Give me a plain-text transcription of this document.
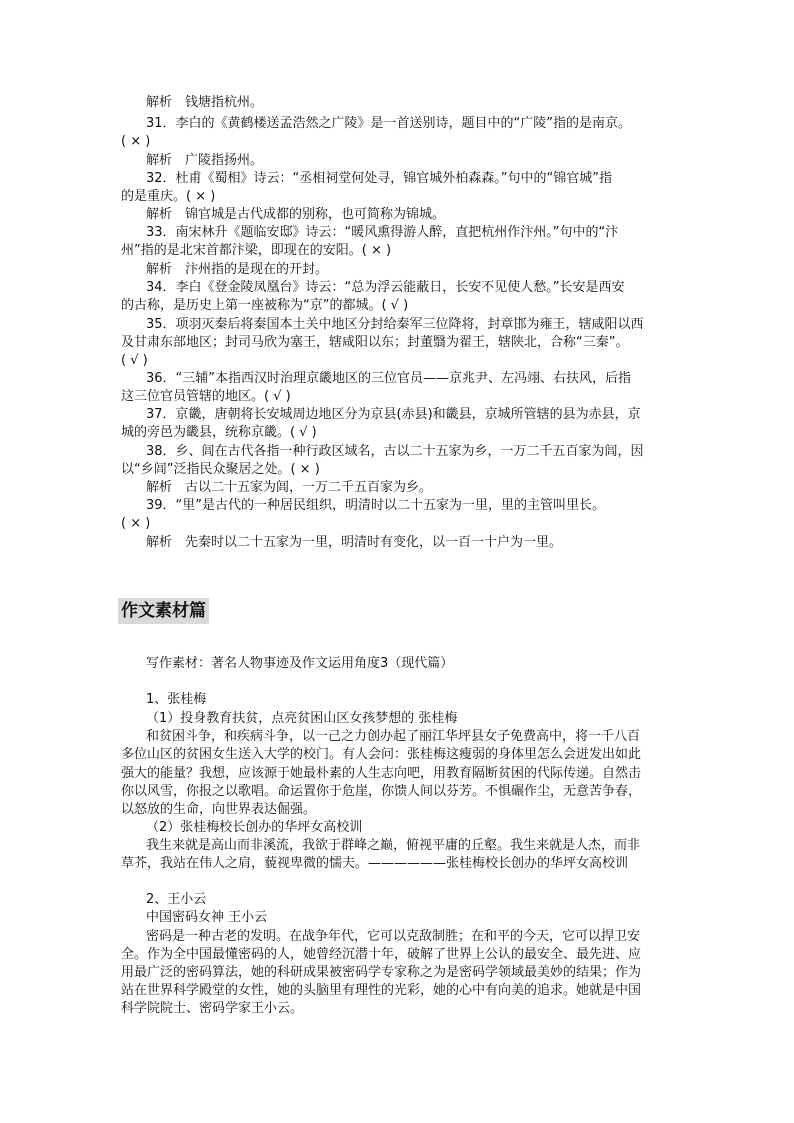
解析　钱塘指杭州。
31．李白的《黄鹤楼送孟浩然之广陵》是一首送别诗，题目中的“广陵”指的是南京。
( × )
解析　广陵指扬州。
32．杜甫《蜀相》诗云：“丞相祠堂何处寻，锦官城外柏森森。”句中的“锦官城”指
的是重庆。( × )
解析　锦官城是古代成都的别称，也可简称为锦城。
33．南宋林升《题临安邸》诗云：“暖风熏得游人醉，直把杭州作汴州。”句中的“汴
州”指的是北宋首都汴梁，即现在的安阳。( × )
解析　汴州指的是现在的开封。
34．李白《登金陵凤凰台》诗云：“总为浮云能蔽日，长安不见使人愁。”长安是西安
的古称，是历史上第一座被称为“京”的都城。( √ )
35．项羽灭秦后将秦国本土关中地区分封给秦军三位降将，封章邯为雍王，辖咸阳以西
及甘肃东部地区；封司马欣为塞王，辖咸阳以东；封董翳为翟王，辖陕北，合称“三秦”。
( √ )
36．“三辅”本指西汉时治理京畿地区的三位官员——京兆尹、左冯翊、右扶风，后指
这三位官员管辖的地区。( √ )
37．京畿，唐朝将长安城周边地区分为京县(赤县)和畿县，京城所管辖的县为赤县，京
城的旁邑为畿县，统称京畿。( √ )
38．乡、闾在古代各指一种行政区域名，古以二十五家为乡，一万二千五百家为闾，因
以“乡闾”泛指民众聚居之处。( × )
解析　古以二十五家为闾，一万二千五百家为乡。
39．“里”是古代的一种居民组织，明清时以二十五家为一里，里的主管叫里长。
( × )
解析　先秦时以二十五家为一里，明清时有变化，以一百一十户为一里。
作文素材篇
写作素材：著名人物事迹及作文运用角度3（现代篇）
1、张桂梅
（1）投身教育扶贫，点亮贫困山区女孩梦想的 张桂梅
和贫困斗争，和疾病斗争，以一己之力创办起了丽江华坪县女子免费高中，将一千八百
多位山区的贫困女生送入大学的校门。有人会问：张桂梅这瘦弱的身体里怎么会迸发出如此
强大的能量？我想，应该源于她最朴素的人生志向吧，用教育隔断贫困的代际传递。自然击
你以风雪，你报之以歌唱。命运置你于危崖，你馈人间以芬芳。不惧碾作尘，无意苦争春，
以怒放的生命，向世界表达倔强。
（2）张桂梅校长创办的华坪女高校训
我生来就是高山而非溪流，我欲于群峰之巅，俯视平庸的丘壑。我生来就是人杰，而非
草芥，我站在伟人之肩，藐视卑微的懦夫。——————张桂梅校长创办的华坪女高校训
2、王小云
中国密码女神 王小云
密码是一种古老的发明。在战争年代，它可以克敌制胜；在和平的今天，它可以捍卫安
全。作为全中国最懂密码的人，她曾经沉潜十年，破解了世界上公认的最安全、最先进、应
用最广泛的密码算法，她的科研成果被密码学专家称之为是密码学领域最美妙的结果；作为
站在世界科学殿堂的女性，她的头脑里有理性的光彩，她的心中有向美的追求。她就是中国
科学院院士、密码学家王小云。
